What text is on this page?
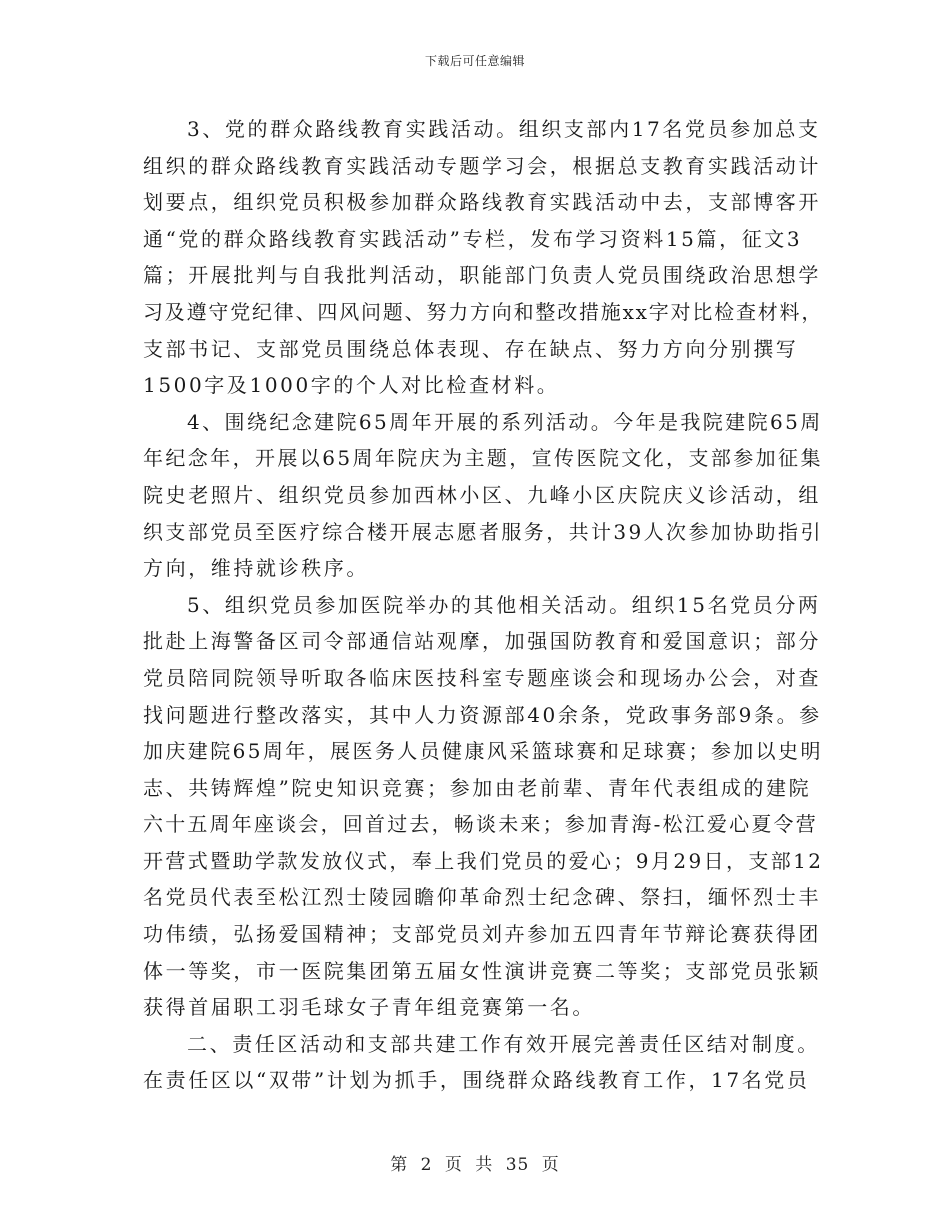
下载后可任意编辑
3、党的群众路线教育实践活动。组织支部内17名党员参加总支
组织的群众路线教育实践活动专题学习会，根据总支教育实践活动计
划要点，组织党员积极参加群众路线教育实践活动中去，支部博客开
通“党的群众路线教育实践活动”专栏，发布学习资料15篇，征文3
篇；开展批判与自我批判活动，职能部门负责人党员围绕政治思想学
习及遵守党纪律、四风问题、努力方向和整改措施xx字对比检查材料，
支部书记、支部党员围绕总体表现、存在缺点、努力方向分别撰写
1500字及1000字的个人对比检查材料。
4、围绕纪念建院65周年开展的系列活动。今年是我院建院65周
年纪念年，开展以65周年院庆为主题，宣传医院文化，支部参加征集
院史老照片、组织党员参加西林小区、九峰小区庆院庆义诊活动，组
织支部党员至医疗综合楼开展志愿者服务，共计39人次参加协助指引
方向，维持就诊秩序。
5、组织党员参加医院举办的其他相关活动。组织15名党员分两
批赴上海警备区司令部通信站观摩，加强国防教育和爱国意识；部分
党员陪同院领导听取各临床医技科室专题座谈会和现场办公会，对查
找问题进行整改落实，其中人力资源部40余条，党政事务部9条。参
加庆建院65周年，展医务人员健康风采篮球赛和足球赛；参加以史明
志、共铸辉煌”院史知识竞赛；参加由老前辈、青年代表组成的建院
六十五周年座谈会，回首过去，畅谈未来；参加青海-松江爱心夏令营
开营式暨助学款发放仪式，奉上我们党员的爱心；9月29日，支部12
名党员代表至松江烈士陵园瞻仰革命烈士纪念碑、祭扫，缅怀烈士丰
功伟绩，弘扬爱国精神；支部党员刘卉参加五四青年节辩论赛获得团
体一等奖，市一医院集团第五届女性演讲竞赛二等奖；支部党员张颖
获得首届职工羽毛球女子青年组竞赛第一名。
二、责任区活动和支部共建工作有效开展完善责任区结对制度。
在责任区以“双带”计划为抓手，围绕群众路线教育工作，17名党员
第 2 页 共 35 页
